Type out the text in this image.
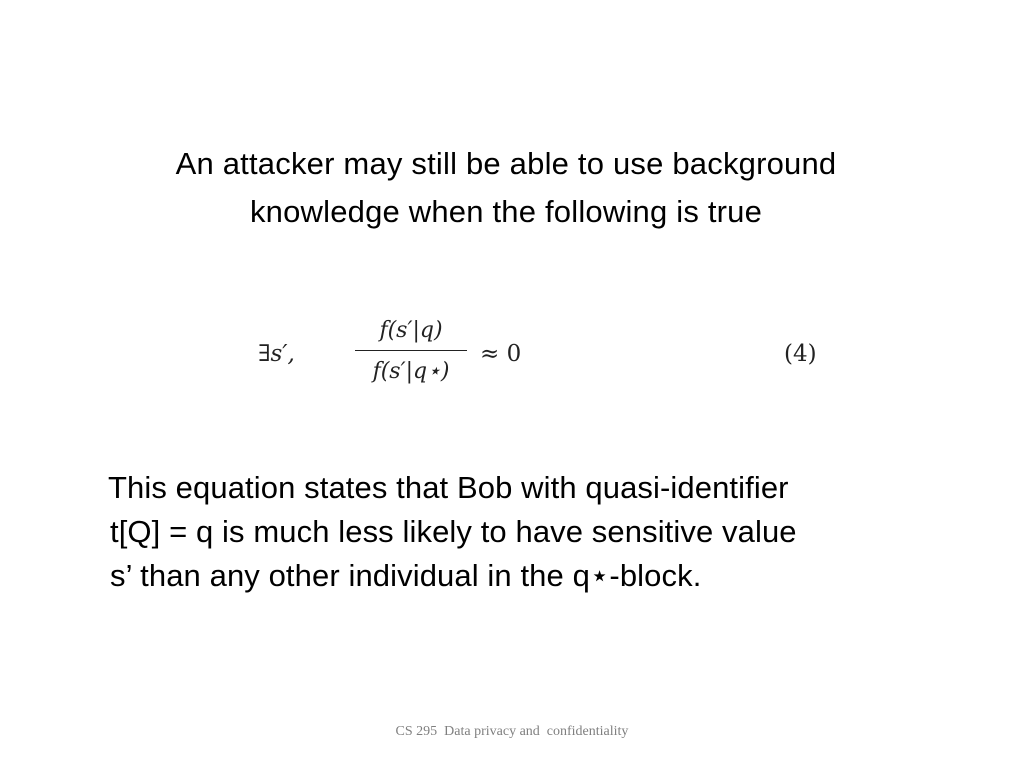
An attacker may still be able to use background
knowledge when the following is true
∃s′,
f(s′|q)
f(s′|q⋆)
≈ 0	(4)
This equation states that Bob with quasi-identifier
t[Q] = q is much less likely to have sensitive value
s’ than any other individual in the q⋆-block.
CS 295  Data privacy and  confidentiality
